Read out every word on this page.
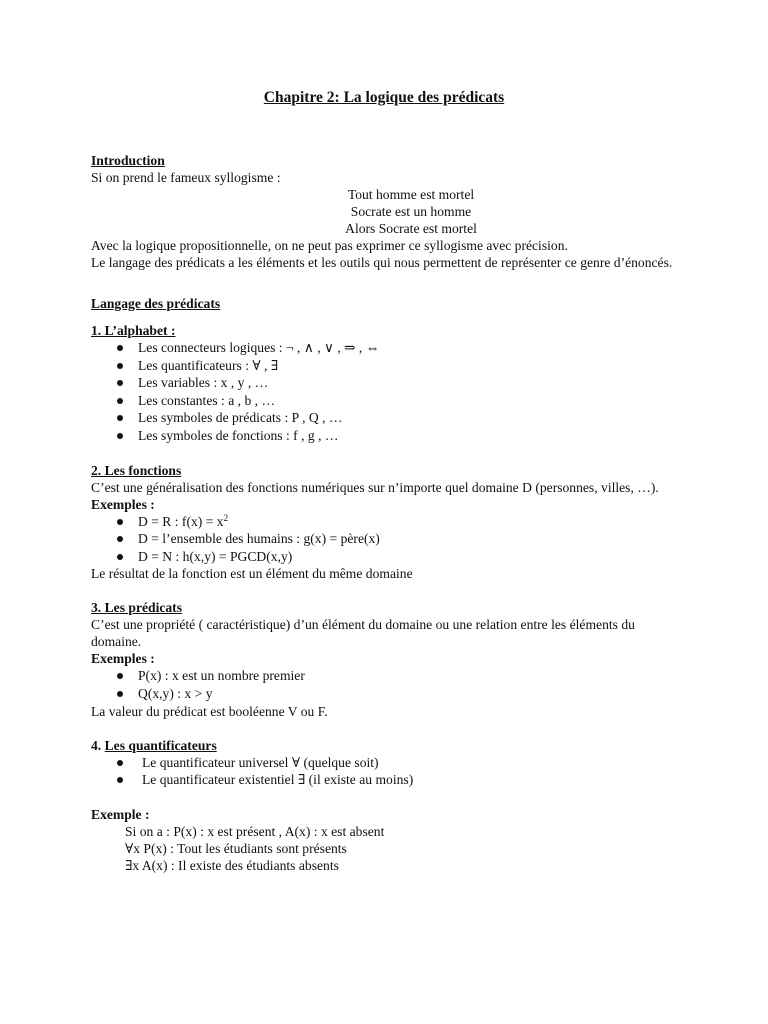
Chapitre 2: La logique des prédicats

Introduction

Si on prend le fameux syllogisme :

Tout homme est mortel

Socrate est un homme

Alors Socrate est mortel

Avec la logique propositionnelle, on ne peut pas exprimer ce syllogisme avec précision.

Le langage des prédicats a les éléments et les outils qui nous permettent de représenter ce genre d’énoncés.

Langage des prédicats

1. L’alphabet :

Les connecteurs logiques : ¬ , ∧ , ∨ , ⇒ , ⇔
Les quantificateurs : ∀ , ∃
Les variables : x , y , …
Les constantes : a , b , …
Les symboles de prédicats : P , Q , …
Les symboles de fonctions : f , g , …

2. Les fonctions

C’est une généralisation des fonctions numériques sur n’importe quel domaine D (personnes, villes, …).

Exemples :

D = R : $f(x) = x^2$
D = l’ensemble des humains : g(x) = père(x)
D = N : h(x,y) = PGCD(x,y)

Le résultat de la fonction est un élément du même domaine

3. Les prédicats

C’est une propriété ( caractéristique) d’un élément du domaine ou une relation entre les éléments du domaine.

Exemples :

P(x) : x est un nombre premier
Q(x,y) : x > y

La valeur du prédicat est booléenne V ou F.

4. Les quantificateurs

Le quantificateur universel ∀ (quelque soit)
Le quantificateur existentiel ∃ (il existe au moins)

Exemple :

Si on a : P(x) : x est présent , A(x) : x est absent

∀x P(x) : Tout les étudiants sont présents

∃x A(x) : Il existe des étudiants absents
